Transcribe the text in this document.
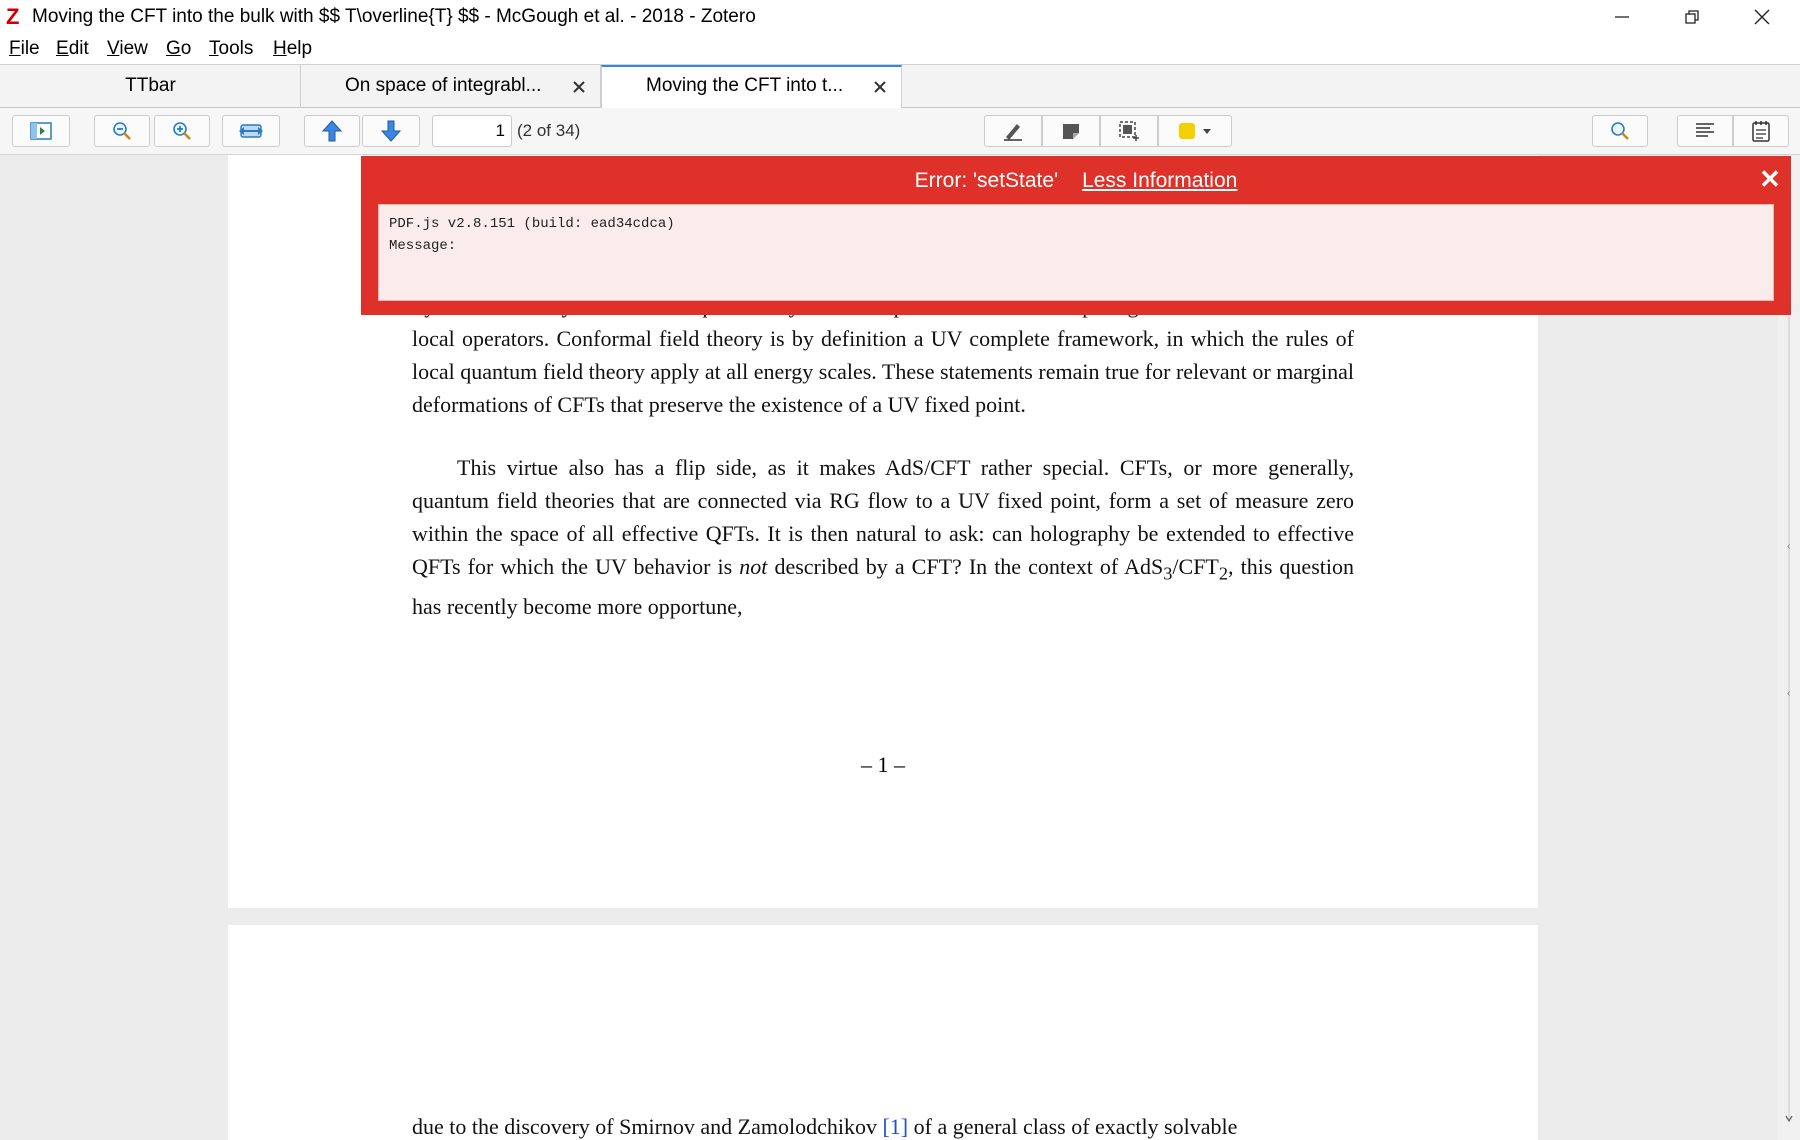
Z Moving the CFT into the bulk with $$ T\overline{T} $$ - McGough et al. - 2018 - Zotero
File Edit View Go Tools Help
TTbar	On space of integrabl...	Moving the CFT into t...
1
(2 of 34)

local operators. Conformal field theory is by definition a UV complete framework, in which the rules of local quantum field theory apply at all energy scales. These statements remain true for relevant or marginal deformations of CFTs that preserve the existence of a UV fixed point.

This virtue also has a flip side, as it makes AdS/CFT rather special. CFTs, or more generally, quantum field theories that are connected via RG flow to a UV fixed point, form a set of measure zero within the space of all effective QFTs. It is then natural to ask: can holography be extended to effective QFTs for which the UV behavior is not described by a CFT? In the context of $AdS_3/CFT_2$, this question has recently become more opportune,

– 1 –

due to the discovery of Smirnov and Zamolodchikov [1] of a general class of exactly solvable

‹
‹
Error: 'setState' Less Information	✕
PDF.js v2.8.151 (build: ead34cdca)
Message:
